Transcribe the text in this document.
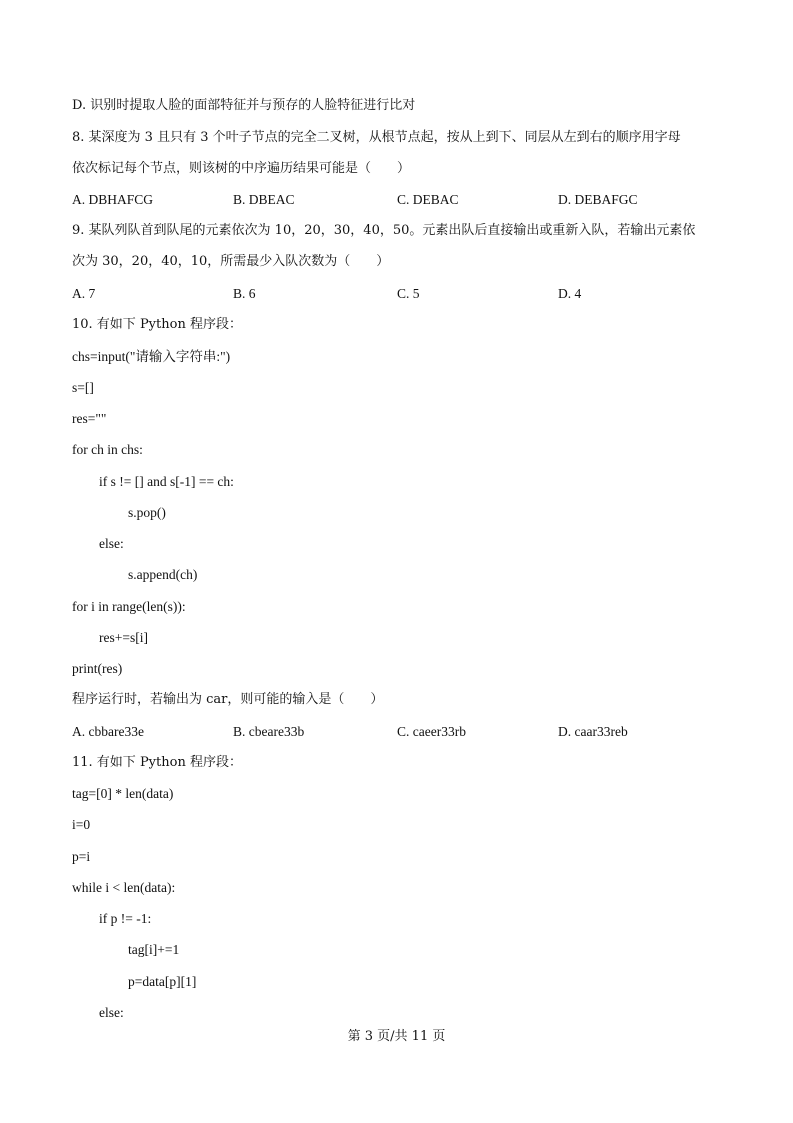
D. 识别时提取人脸的面部特征并与预存的人脸特征进行比对
8. 某深度为 3 且只有 3 个叶子节点的完全二叉树，从根节点起，按从上到下、同层从左到右的顺序用字母
依次标记每个节点，则该树的中序遍历结果可能是（　　）
A. DBHAFCG	B. DBEAC	C. DEBAC	D. DEBAFGC
9. 某队列队首到队尾的元素依次为 10，20，30，40，50。元素出队后直接输出或重新入队，若输出元素依
次为 30，20，40，10，所需最少入队次数为（　　）
A. 7	B. 6	C. 5	D. 4
10. 有如下 Python 程序段：
chs=input("请输入字符串:")
s=[]
res=""
for ch in chs:
if s != [] and s[-1] == ch:
s.pop()
else:
s.append(ch)
for i in range(len(s)):
res+=s[i]
print(res)
程序运行时，若输出为 car，则可能的输入是（　　）
A. cbbare33e	B. cbeare33b	C. caeer33rb	D. caar33reb
11. 有如下 Python 程序段：
tag=[0] * len(data)
i=0
p=i
while i < len(data):
if p != -1:
tag[i]+=1
p=data[p][1]
else:
第 3 页/共 11 页
